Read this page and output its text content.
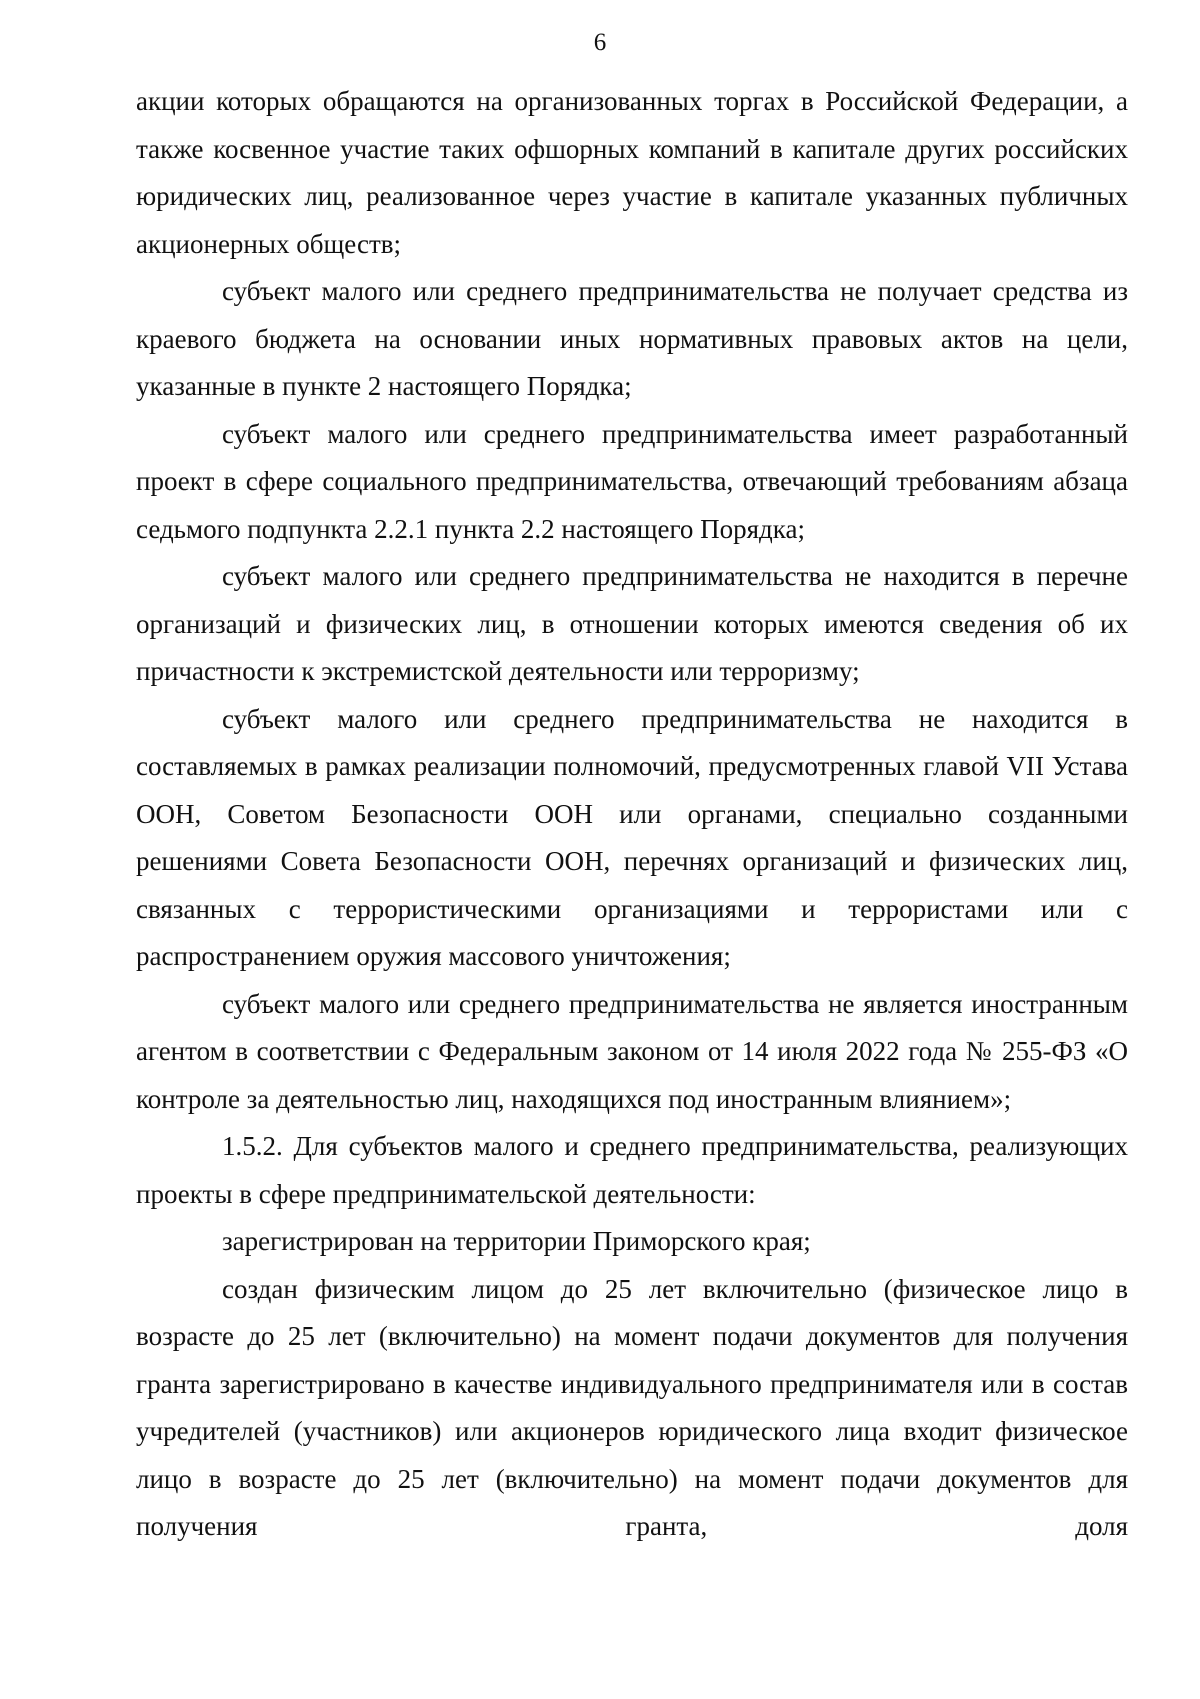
6

акции которых обращаются на организованных торгах в Российской Федерации, а также косвенное участие таких офшорных компаний в капитале других российских юридических лиц, реализованное через участие в капитале указанных публичных акционерных обществ;

субъект малого или среднего предпринимательства не получает средства из краевого бюджета на основании иных нормативных правовых актов на цели, указанные в пункте 2 настоящего Порядка;

субъект малого или среднего предпринимательства имеет разработанный проект в сфере социального предпринимательства, отвечающий требованиям абзаца седьмого подпункта 2.2.1 пункта 2.2 настоящего Порядка;

субъект малого или среднего предпринимательства не находится в перечне организаций и физических лиц, в отношении которых имеются сведения об их причастности к экстремистской деятельности или терроризму;

субъект малого или среднего предпринимательства не находится в составляемых в рамках реализации полномочий, предусмотренных главой VII Устава ООН, Советом Безопасности ООН или органами, специально созданными решениями Совета Безопасности ООН, перечнях организаций и физических лиц, связанных с террористическими организациями и террористами или с распространением оружия массового уничтожения;

субъект малого или среднего предпринимательства не является иностранным агентом в соответствии с Федеральным законом от 14 июля 2022 года № 255-ФЗ «О контроле за деятельностью лиц, находящихся под иностранным влиянием»;

1.5.2. Для субъектов малого и среднего предпринимательства, реализующих проекты в сфере предпринимательской деятельности:

зарегистрирован на территории Приморского края;

создан физическим лицом до 25 лет включительно (физическое лицо в возрасте до 25 лет (включительно) на момент подачи документов для получения гранта зарегистрировано в качестве индивидуального предпринимателя или в состав учредителей (участников) или акционеров юридического лица входит физическое лицо в возрасте до 25 лет (включительно) на момент подачи документов для получения гранта, доля
